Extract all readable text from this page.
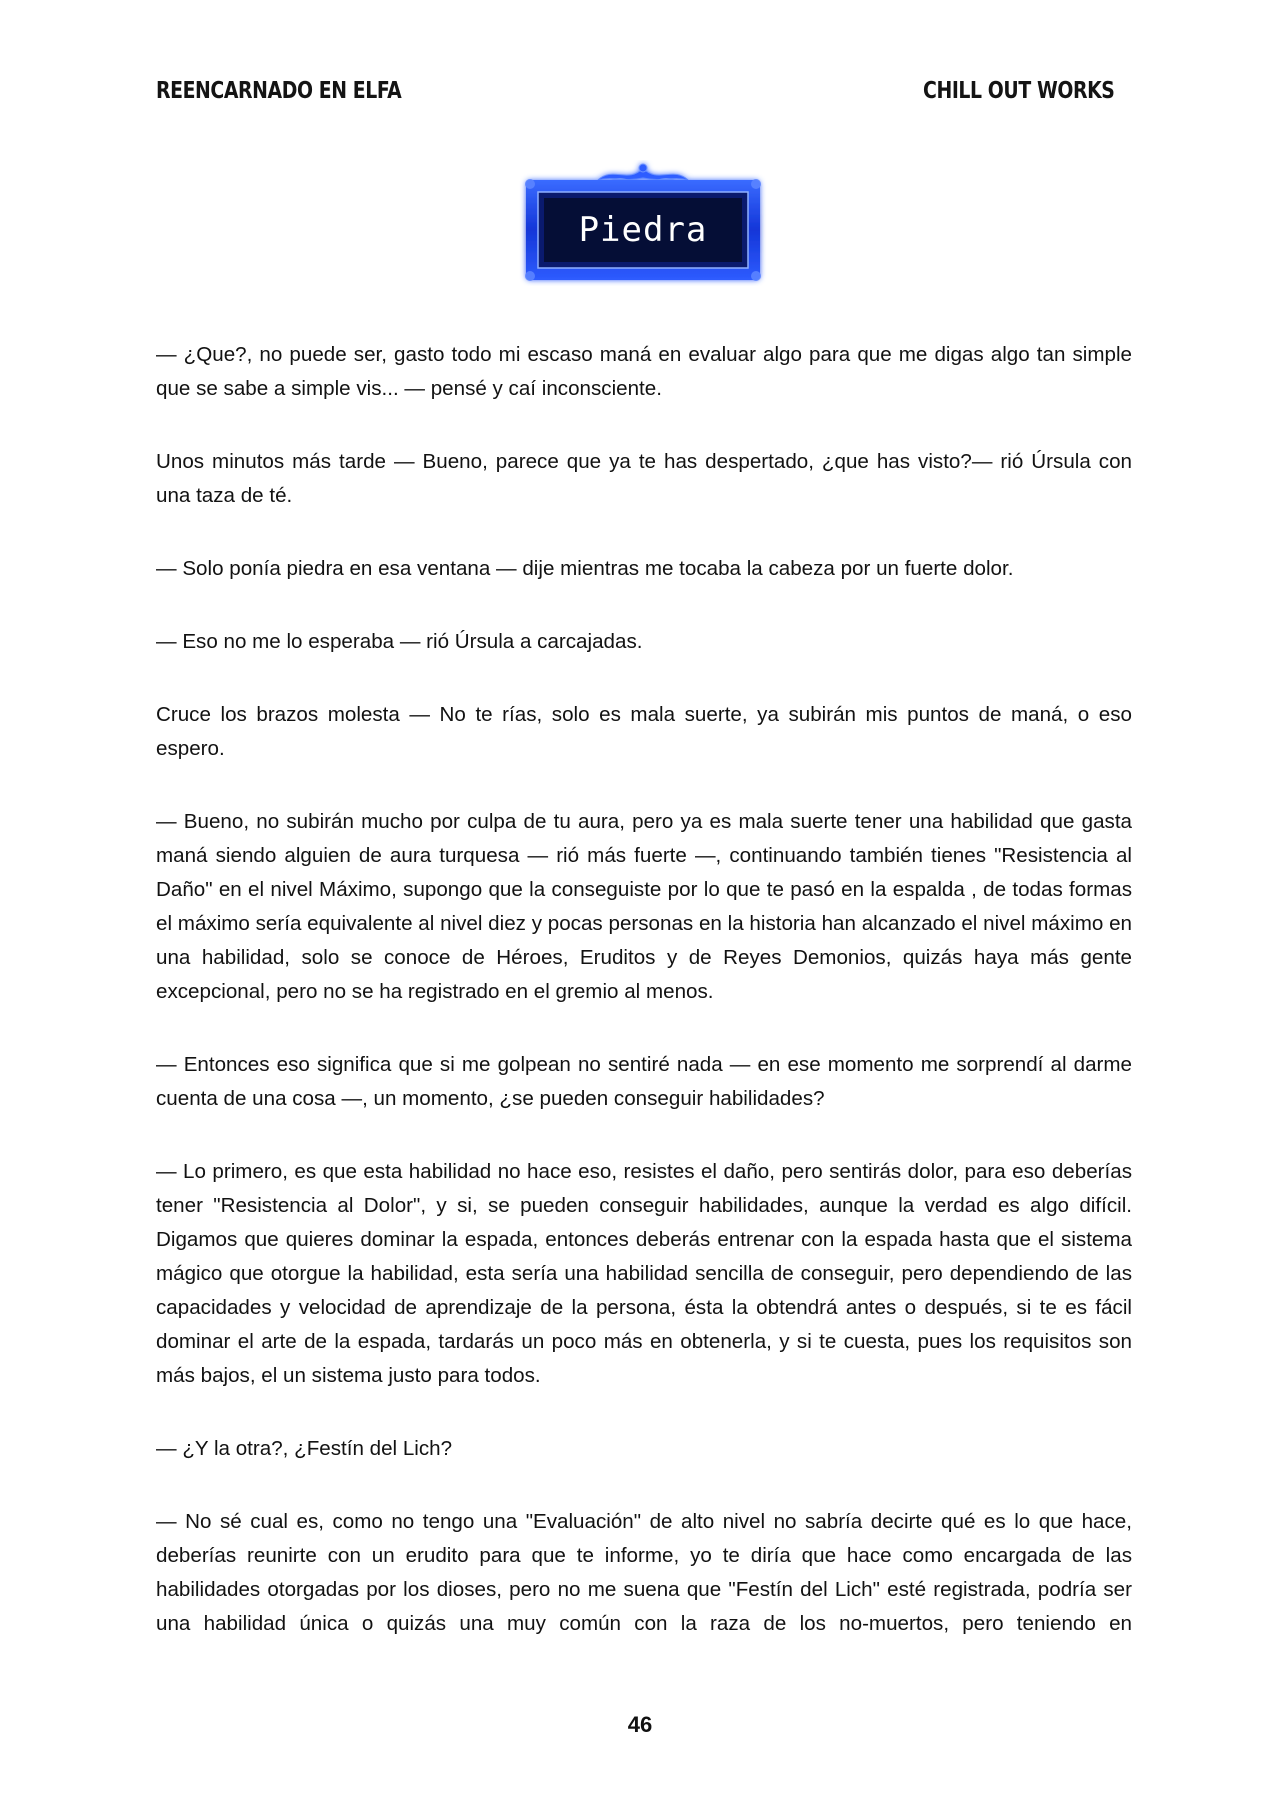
REENCARNADO EN ELFA	CHILL OUT WORKS
Piedra

— ¿Que?, no puede ser, gasto todo mi escaso maná en evaluar algo para que me digas algo tan simple que se sabe a simple vis... — pensé y caí inconsciente.

Unos minutos más tarde — Bueno, parece que ya te has despertado, ¿que has visto?— rió Úrsula con una taza de té.

— Solo ponía piedra en esa ventana — dije mientras me tocaba la cabeza por un fuerte dolor.

— Eso no me lo esperaba — rió Úrsula a carcajadas.

Cruce los brazos molesta — No te rías, solo es mala suerte, ya subirán mis puntos de maná, o eso espero.

— Bueno, no subirán mucho por culpa de tu aura, pero ya es mala suerte tener una habilidad que gasta maná siendo alguien de aura turquesa — rió más fuerte —, continuando también tienes "Resistencia al Daño" en el nivel Máximo, supongo que la conseguiste por lo que te pasó en la espalda , de todas formas el máximo sería equivalente al nivel diez y pocas personas en la historia han alcanzado el nivel máximo en una habilidad, solo se conoce de Héroes, Eruditos y de Reyes Demonios, quizás haya más gente excepcional, pero no se ha registrado en el gremio al menos.

— Entonces eso significa que si me golpean no sentiré nada — en ese momento me sorprendí al darme cuenta de una cosa —, un momento, ¿se pueden conseguir habilidades?

— Lo primero, es que esta habilidad no hace eso, resistes el daño, pero sentirás dolor, para eso deberías tener "Resistencia al Dolor", y si, se pueden conseguir habilidades, aunque la verdad es algo difícil. Digamos que quieres dominar la espada, entonces deberás entrenar con la espada hasta que el sistema mágico que otorgue la habilidad, esta sería una habilidad sencilla de conseguir, pero dependiendo de las capacidades y velocidad de aprendizaje de la persona, ésta la obtendrá antes o después, si te es fácil dominar el arte de la espada, tardarás un poco más en obtenerla, y si te cuesta, pues los requisitos son más bajos, el un sistema justo para todos.

— ¿Y la otra?, ¿Festín del Lich?

— No sé cual es, como no tengo una "Evaluación" de alto nivel no sabría decirte qué es lo que hace, deberías reunirte con un erudito para que te informe, yo te diría que hace como encargada de las habilidades otorgadas por los dioses, pero no me suena que "Festín del Lich" esté registrada, podría ser una habilidad única o quizás una muy común con la raza de los no-muertos, pero teniendo en

46
